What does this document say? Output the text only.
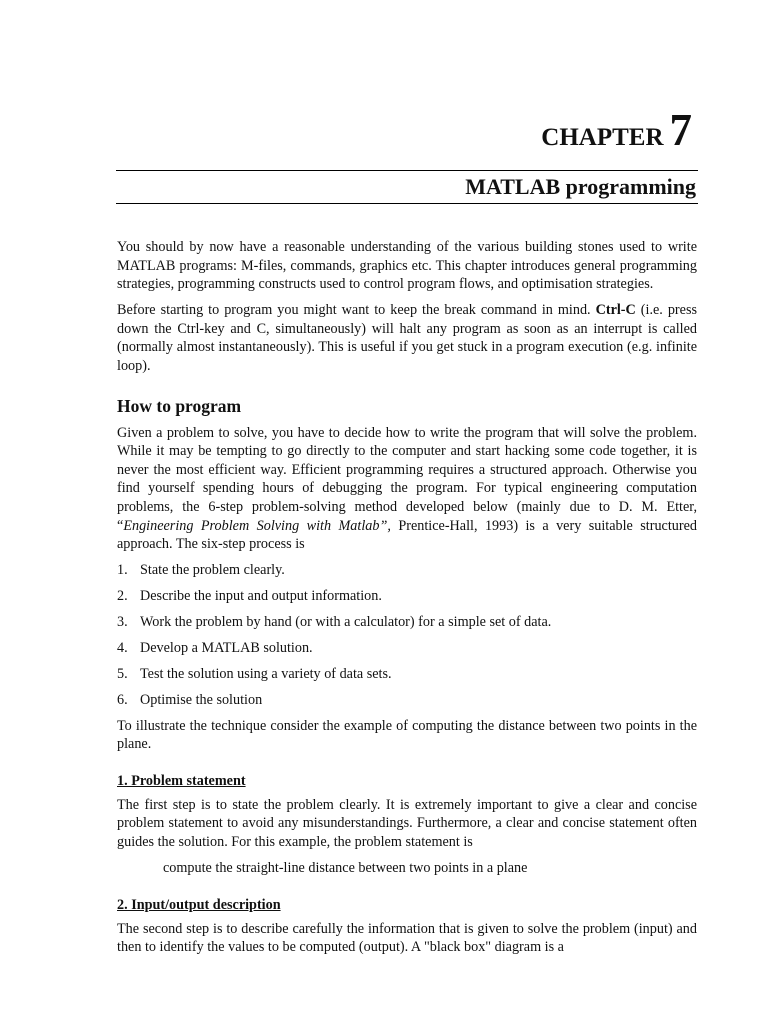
CHAPTER 7
MATLAB programming

You should by now have a reasonable understanding of the various building stones used to write MATLAB programs: M-files, commands, graphics etc. This chapter introduces general programming strategies, programming constructs used to control program flows, and optimisation strategies.

Before starting to program you might want to keep the break command in mind. Ctrl-C (i.e. press down the Ctrl-key and C, simultaneously) will halt any program as soon as an interrupt is called (normally almost instantaneously). This is useful if you get stuck in a program execution (e.g. infinite loop).

How to program

Given a problem to solve, you have to decide how to write the program that will solve the problem. While it may be tempting to go directly to the computer and start hacking some code together, it is never the most efficient way. Efficient programming requires a structured approach. Otherwise you find yourself spending hours of debugging the program. For typical engineering computation problems, the 6-step problem-solving method developed below (mainly due to D. M. Etter, “Engineering Problem Solving with Matlab”, Prentice-Hall, 1993) is a very suitable structured approach. The six-step process is

1. State the problem clearly.
2. Describe the input and output information.
3. Work the problem by hand (or with a calculator) for a simple set of data.
4. Develop a MATLAB solution.
5. Test the solution using a variety of data sets.
6. Optimise the solution

To illustrate the technique consider the example of computing the distance between two points in the plane.

1. Problem statement

The first step is to state the problem clearly. It is extremely important to give a clear and concise problem statement to avoid any misunderstandings. Furthermore, a clear and concise statement often guides the solution. For this example, the problem statement is

compute the straight-line distance between two points in a plane

2. Input/output description

The second step is to describe carefully the information that is given to solve the problem (input) and then to identify the values to be computed (output). A "black box" diagram is a
